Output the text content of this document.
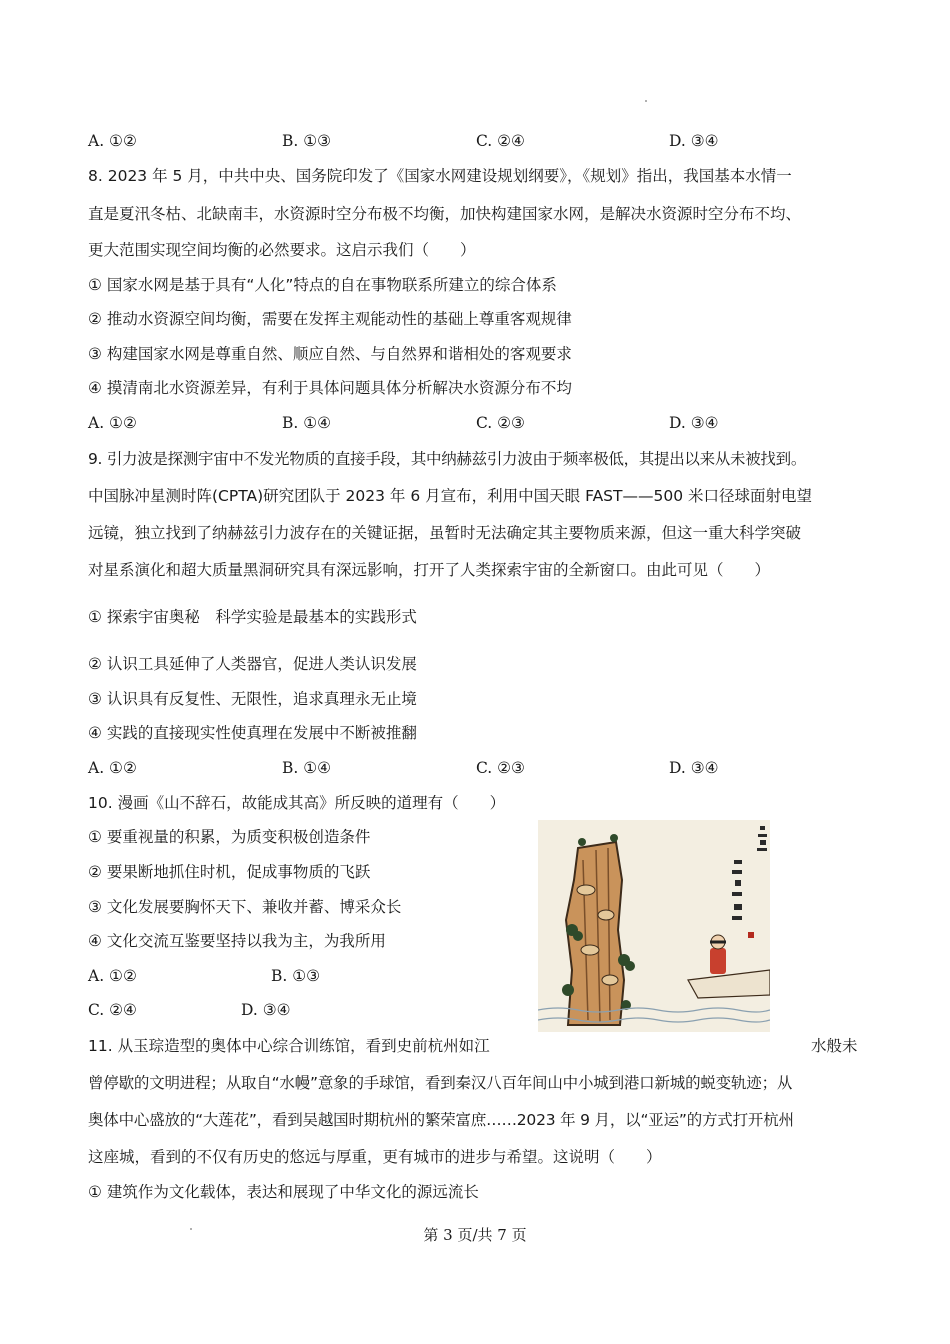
A. ①②	B. ①③	C. ②④	D. ③④
8. 2023 年 5 月，中共中央、国务院印发了《国家水网建设规划纲要》，《规划》指出，我国基本水情一
直是夏汛冬枯、北缺南丰，水资源时空分布极不均衡，加快构建国家水网，是解决水资源时空分布不均、
更大范围实现空间均衡的必然要求。这启示我们（　　）
① 国家水网是基于具有“人化”特点的自在事物联系所建立的综合体系
② 推动水资源空间均衡，需要在发挥主观能动性的基础上尊重客观规律
③ 构建国家水网是尊重自然、顺应自然、与自然界和谐相处的客观要求
④ 摸清南北水资源差异，有利于具体问题具体分析解决水资源分布不均
A. ①②	B. ①④	C. ②③	D. ③④
9. 引力波是探测宇宙中不发光物质的直接手段，其中纳赫兹引力波由于频率极低，其提出以来从未被找到。
中国脉冲星测时阵(CPTA)研究团队于 2023 年 6 月宣布，利用中国天眼 FAST——500 米口径球面射电望
远镜，独立找到了纳赫兹引力波存在的关键证据，虽暂时无法确定其主要物质来源，但这一重大科学突破
对星系演化和超大质量黑洞研究具有深远影响，打开了人类探索宇宙的全新窗口。由此可见（　　）
① 探索宇宙奥秘　科学实验是最基本的实践形式
② 认识工具延伸了人类器官，促进人类认识发展
③ 认识具有反复性、无限性，追求真理永无止境
④ 实践的直接现实性使真理在发展中不断被推翻
A. ①②	B. ①④	C. ②③	D. ③④
10. 漫画《山不辞石，故能成其高》所反映的道理有（　　）
① 要重视量的积累，为质变积极创造条件
② 要果断地抓住时机，促成事物质的飞跃
③ 文化发展要胸怀天下、兼收并蓄、博采众长
④ 文化交流互鉴要坚持以我为主，为我所用
A. ①②	B. ①③
C. ②④	D. ③④
11. 从玉琮造型的奥体中心综合训练馆，看到史前杭州如江	水般未
曾停歇的文明进程；从取自“水幔”意象的手球馆，看到秦汉八百年间山中小城到港口新城的蜕变轨迹；从
奥体中心盛放的“大莲花”，看到吴越国时期杭州的繁荣富庶……2023 年 9 月，以“亚运”的方式打开杭州
这座城，看到的不仅有历史的悠远与厚重，更有城市的进步与希望。这说明（　　）
① 建筑作为文化载体，表达和展现了中华文化的源远流长
第 3 页/共 7 页
